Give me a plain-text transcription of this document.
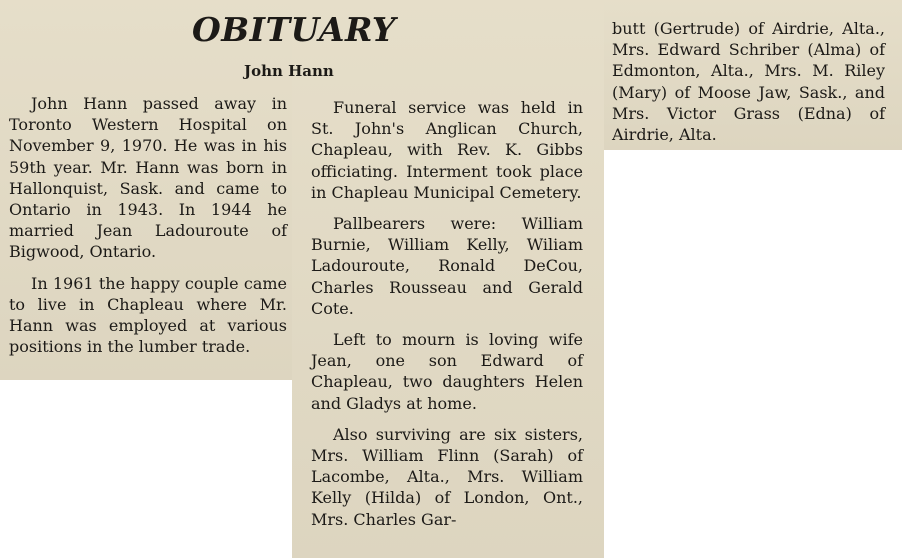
OBITUARY
John Hann

John Hann passed away in Toronto Western Hospital on November 9, 1970. He was in his 59th year. Mr. Hann was born in Hallonquist, Sask. and came to Ontario in 1943. In 1944 he married Jean Ladouroute of Bigwood, Ontario.

In 1961 the happy couple came to live in Chapleau where Mr. Hann was employed at various positions in the lumber trade.

Funeral service was held in St. John's Anglican Church, Chapleau, with Rev. K. Gibbs officiating. Interment took place in Chapleau Municipal Cemetery.

Pallbearers were: William Burnie, William Kelly, Wiliam Ladouroute, Ronald DeCou, Charles Rousseau and Gerald Cote.

Left to mourn is loving wife Jean, one son Edward of Chapleau, two daughters Helen and Gladys at home.

Also surviving are six sisters, Mrs. William Flinn (Sarah) of Lacombe, Alta., Mrs. William Kelly (Hilda) of London, Ont., Mrs. Charles Gar-

butt (Gertrude) of Airdrie, Alta., Mrs. Edward Schriber (Alma) of Edmonton, Alta., Mrs. M. Riley (Mary) of Moose Jaw, Sask., and Mrs. Victor Grass (Edna) of Airdrie, Alta.
